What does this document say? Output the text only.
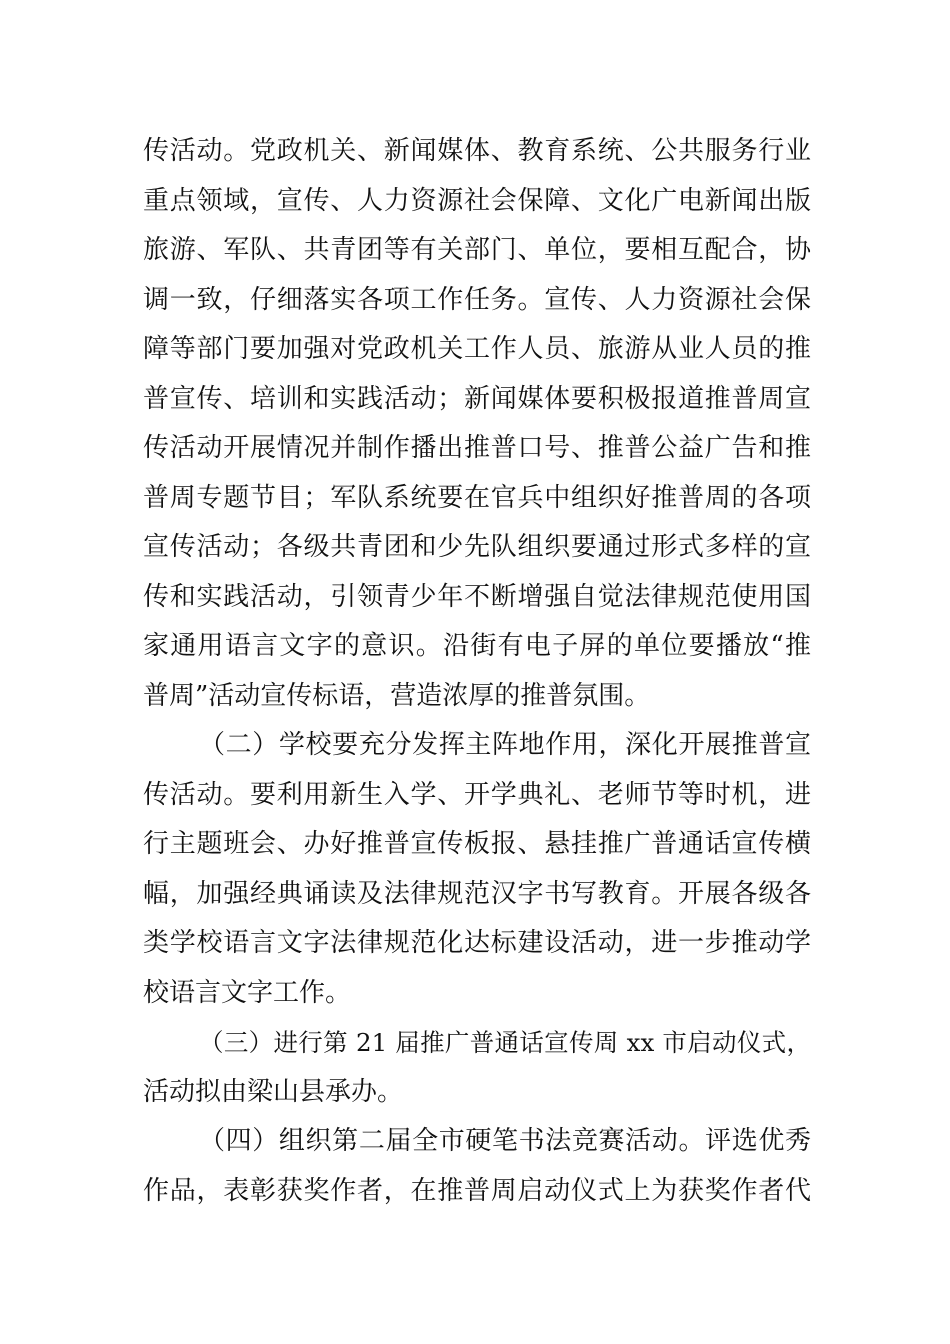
传活动。党政机关、新闻媒体、教育系统、公共服务行业
重点领域，宣传、人力资源社会保障、文化广电新闻出版
旅游、军队、共青团等有关部门、单位，要相互配合，协
调一致，仔细落实各项工作任务。宣传、人力资源社会保
障等部门要加强对党政机关工作人员、旅游从业人员的推
普宣传、培训和实践活动；新闻媒体要积极报道推普周宣
传活动开展情况并制作播出推普口号、推普公益广告和推
普周专题节目；军队系统要在官兵中组织好推普周的各项
宣传活动；各级共青团和少先队组织要通过形式多样的宣
传和实践活动，引领青少年不断增强自觉法律规范使用国
家通用语言文字的意识。沿街有电子屏的单位要播放“推
普周”活动宣传标语，营造浓厚的推普氛围。
（二）学校要充分发挥主阵地作用，深化开展推普宣
传活动。要利用新生入学、开学典礼、老师节等时机，进
行主题班会、办好推普宣传板报、悬挂推广普通话宣传横
幅，加强经典诵读及法律规范汉字书写教育。开展各级各
类学校语言文字法律规范化达标建设活动，进一步推动学
校语言文字工作。
（三）进行第 21 届推广普通话宣传周 xx 市启动仪式，
活动拟由梁山县承办。
（四）组织第二届全市硬笔书法竞赛活动。评选优秀
作品，表彰获奖作者，在推普周启动仪式上为获奖作者代
